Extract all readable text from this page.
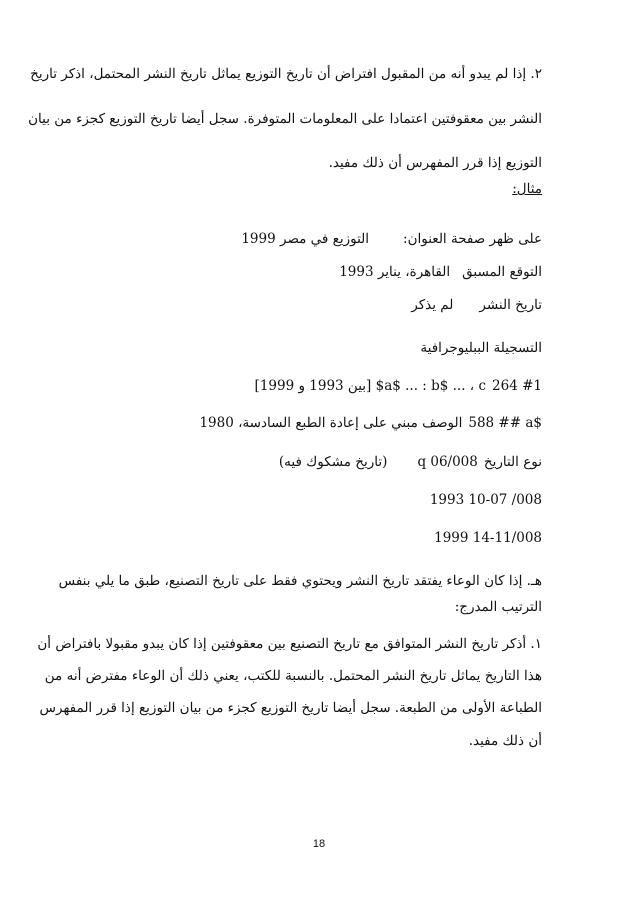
٢. إذا لم يبدو أنه من المقبول افتراض أن تاريخ التوزيع يماثل تاريخ النشر المحتمل، اذكر تاريخ
النشر بين معقوفتين اعتمادا على المعلومات المتوفرة. سجل أيضا تاريخ التوزيع كجزء من بيان
التوزيع إذا قرر المفهرس أن ذلك مفيد.
مثال:
على ظهر صفحة العنوان:التوزيع في مصر 1999
التوقع المسبقالقاهرة، يناير 1993
تاريخ النشرلم يذكر
التسجيلة الببليوجرافية
264 #1a$ ... : b$ ... ، c$ [بين 1993 و 1999]
588 ## a$الوصف مبني على إعادة الطبع السادسة، 1980
نوع التاريخq 06/008(تاريخ مشكوك فيه)
1993 10-07 /008
1999 14-11/008
هـ. إذا كان الوعاء يفتقد تاريخ النشر ويحتوي فقط على تاريخ التصنيع، طبق ما يلي بنفس
الترتيب المدرج:
١. أذكر تاريخ النشر المتوافق مع تاريخ التصنيع بين معقوفتين إذا كان يبدو مقبولا بافتراض أن
هذا التاريخ يماثل تاريخ النشر المحتمل. بالنسبة للكتب، يعني ذلك أن الوعاء مفترض أنه من
الطباعة الأولى من الطبعة. سجل أيضا تاريخ التوزيع كجزء من بيان التوزيع إذا قرر المفهرس
أن ذلك مفيد.
18
